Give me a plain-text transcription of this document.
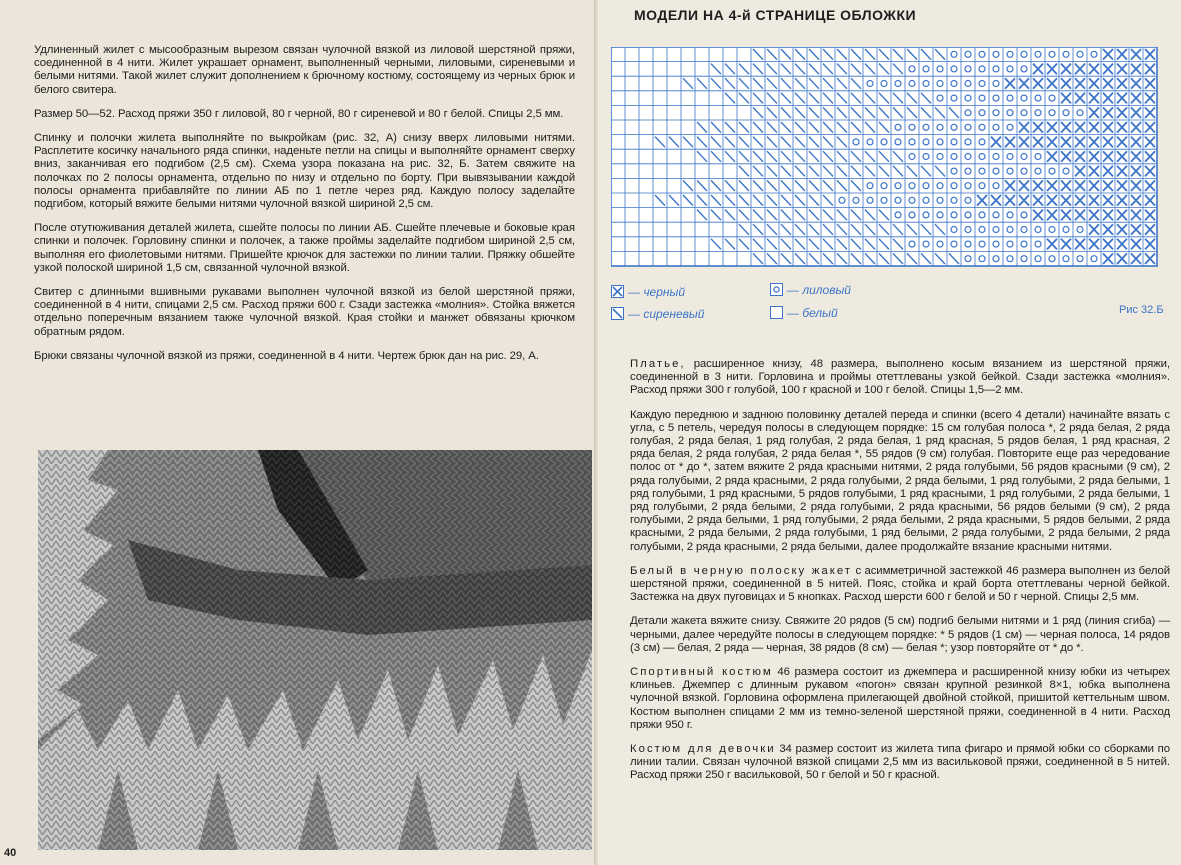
Удлиненный жилет с мысообразным вырезом связан чулочной вязкой из лиловой шерстяной пряжи, соединенной в 4 нити. Жилет украшает орнамент, выполненный черными, лиловыми, сиреневыми и белыми нитями. Такой жилет служит дополнением к брючному костюму, состоящему из черных брюк и белого свитера.

Размер 50—52. Расход пряжи 350 г лиловой, 80 г черной, 80 г сиреневой и 80 г белой. Спицы 2,5 мм.

Спинку и полочки жилета выполняйте по выкройкам (рис. 32, А) снизу вверх лиловыми нитями. Расплетите косичку начального ряда спинки, наденьте петли на спицы и выполняйте орнамент сверху вниз, заканчивая его подгибом (2,5 см). Схема узора показана на рис. 32, Б. Затем свяжите на полочках по 2 полосы орнамента, отдельно по низу и отдельно по борту. При вывязывании каждой полосы орнамента прибавляйте по линии АБ по 1 петле через ряд. Каждую полосу заделайте подгибом, который вяжите белыми нитями чулочной вязкой шириной 2,5 см.

После отутюживания деталей жилета, сшейте полосы по линии АБ. Сшейте плечевые и боковые края спинки и полочек. Горловину спинки и полочек, а также проймы заделайте подгибом шириной 2,5 см, выполняя его фиолетовыми нитями. Пришейте крючок для застежки по линии талии. Пряжку обшейте узкой полоской шириной 1,5 см, связанной чулочной вязкой.

Свитер с длинными вшивными рукавами выполнен чулочной вязкой из белой шерстяной пряжи, соединенной в 4 нити, спицами 2,5 см. Расход пряжи 600 г. Сзади застежка «молния». Стойка вяжется отдельно поперечным вязанием также чулочной вязкой. Края стойки и манжет обвязаны крючком обратным рядом.

Брюки связаны чулочной вязкой из пряжи, соединенной в 4 нити. Чертеж брюк дан на рис. 29, А.

40
МОДЕЛИ НА 4-й СТРАНИЦЕ ОБЛОЖКИ
— черный	— лиловый
— сиреневый	— белый	Рис 32.Б

Платье, расширенное книзу, 48 размера, выполнено косым вязанием из шерстяной пряжи, соединенной в 3 нити. Горловина и проймы отеттлеваны узкой бейкой. Сзади застежка «молния». Расход пряжи 300 г голубой, 100 г красной и 100 г белой. Спицы 1,5—2 мм.

Каждую переднюю и заднюю половинку деталей переда и спинки (всего 4 детали) начинайте вязать с угла, с 5 петель, чередуя полосы в следующем порядке: 15 см голубая полоса *, 2 ряда белая, 2 ряда голубая, 2 ряда белая, 1 ряд голубая, 2 ряда белая, 1 ряд красная, 5 рядов белая, 1 ряд красная, 2 ряда белая, 2 ряда голубая, 2 ряда белая *, 55 рядов (9 см) голубая. Повторите еще раз чередование полос от * до *, затем вяжите 2 ряда красными нитями, 2 ряда голубыми, 56 рядов красными (9 см), 2 ряда голубыми, 2 ряда красными, 2 ряда голубыми, 2 ряда белыми, 1 ряд голубыми, 2 ряда белыми, 1 ряд голубыми, 1 ряд красными, 5 рядов голубыми, 1 ряд красными, 1 ряд голубыми, 2 ряда белыми, 1 ряд голубыми, 2 ряда белыми, 2 ряда голубыми, 2 ряда красными, 56 рядов белыми (9 см), 2 ряда голубыми, 2 ряда белыми, 1 ряд голубыми, 2 ряда белыми, 2 ряда красными, 5 рядов белыми, 2 ряда красными, 2 ряда белыми, 2 ряда голубыми, 1 ряд белыми, 2 ряда голубыми, 2 ряда белыми, 2 ряда голубыми, 2 ряда красными, 2 ряда белыми, далее продолжайте вязание красными нитями.

Белый в черную полоску жакет с асимметричной застежкой 46 размера выполнен из белой шерстяной пряжи, соединенной в 5 нитей. Пояс, стойка и край борта отеттлеваны черной бейкой. Застежка на двух пуговицах и 5 кнопках. Расход шерсти 600 г белой и 50 г черной. Спицы 2,5 мм.

Детали жакета вяжите снизу. Свяжите 20 рядов (5 см) подгиб белыми нитями и 1 ряд (линия сгиба) — черными, далее чередуйте полосы в следующем порядке: * 5 рядов (1 см) — черная полоса, 14 рядов (3 см) — белая, 2 ряда — черная, 38 рядов (8 см) — белая *; узор повторяйте от * до *.

Спортивный костюм 46 размера состоит из джемпера и расширенной книзу юбки из четырех клиньев. Джемпер с длинным рукавом «погон» связан крупной резинкой 8×1, юбка выполнена чулочной вязкой. Горловина оформлена прилегающей двойной стойкой, пришитой кеттельным швом. Костюм выполнен спицами 2 мм из темно-зеленой шерстяной пряжи, соединенной в 4 нити. Расход пряжи 950 г.

Костюм для девочки 34 размер состоит из жилета типа фигаро и прямой юбки со сборками по линии талии. Связан чулочной вязкой спицами 2,5 мм из васильковой пряжи, соединенной в 5 нитей. Расход пряжи 250 г васильковой, 50 г белой и 50 г красной.
